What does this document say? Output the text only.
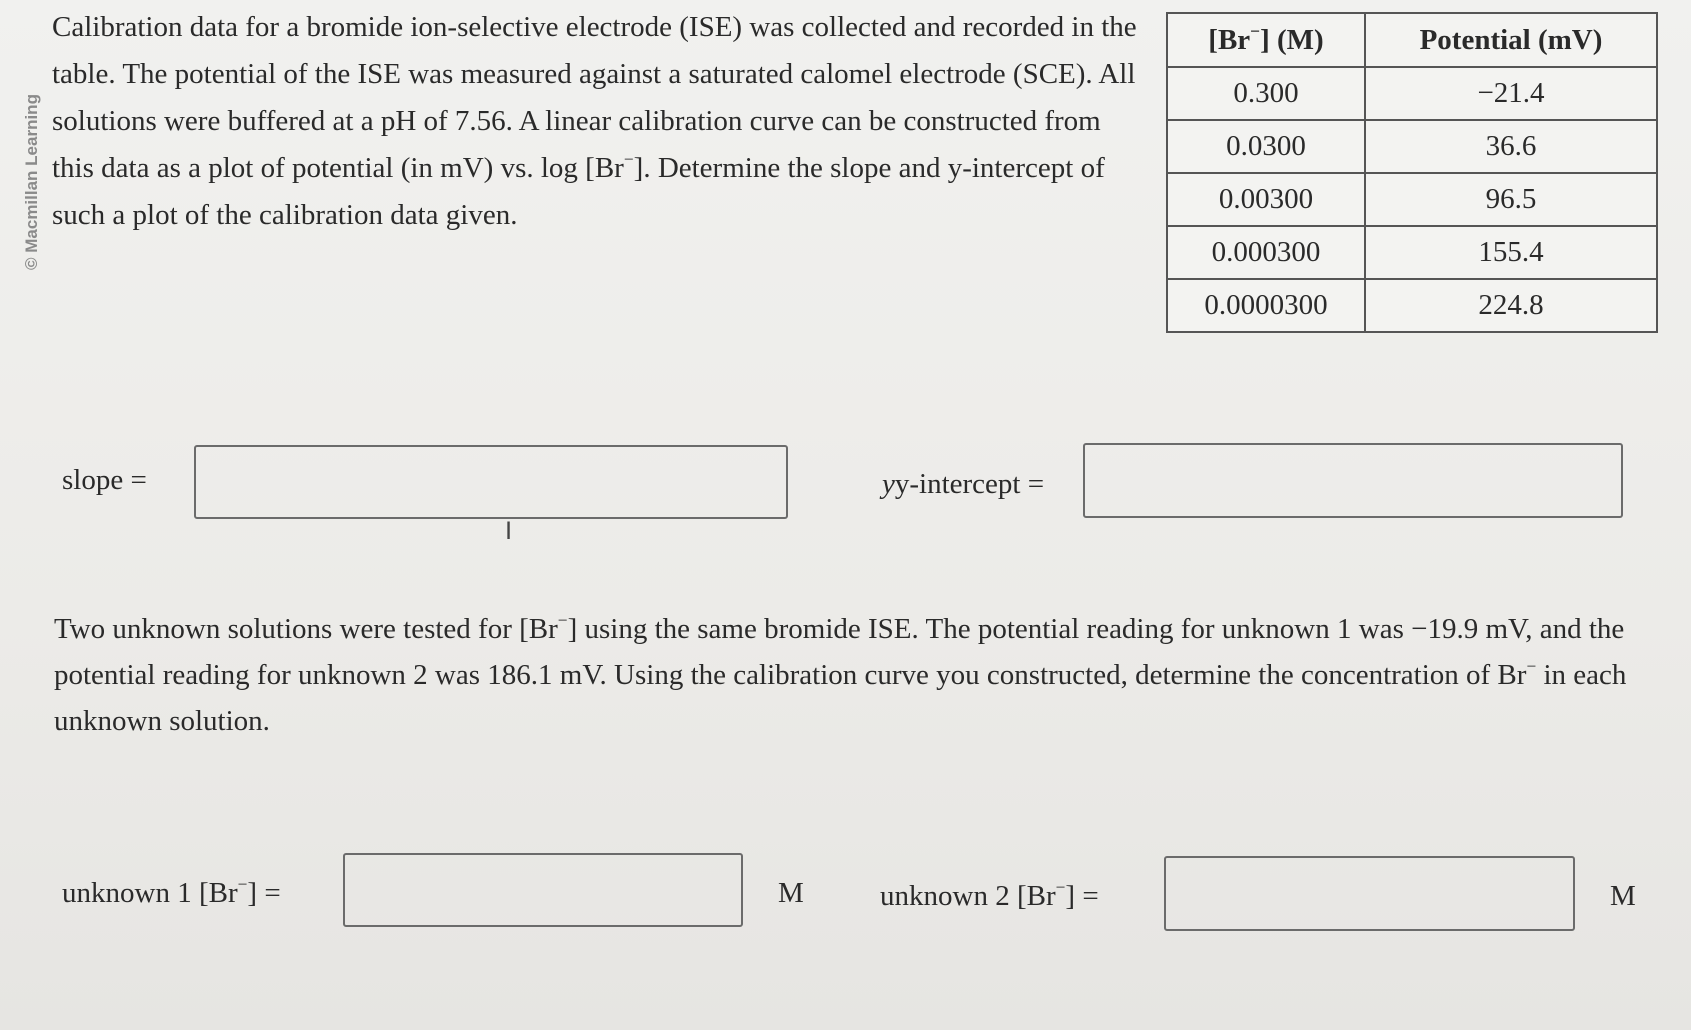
© Macmillan Learning

Calibration data for a bromide ion-selective electrode (ISE) was collected and recorded in the table. The potential of the ISE was measured against a saturated calomel electrode (SCE). All solutions were buffered at a pH of 7.56. A linear calibration curve can be constructed from this data as a plot of potential (in mV) vs. log [Br−]. Determine the slope and y-intercept of such a plot of the calibration data given.

[Br−] (M)	Potential (mV)
0.300	−21.4
0.0300	36.6
0.00300	96.5
0.000300	155.4
0.0000300	224.8
slope =
I
yy-intercept =

Two unknown solutions were tested for [Br−] using the same bromide ISE. The potential reading for unknown 1 was −19.9 mV, and the potential reading for unknown 2 was 186.1 mV. Using the calibration curve you constructed, determine the concentration of Br− in each unknown solution.

unknown 1 [Br−] =	M	unknown 2 [Br−] =	M
